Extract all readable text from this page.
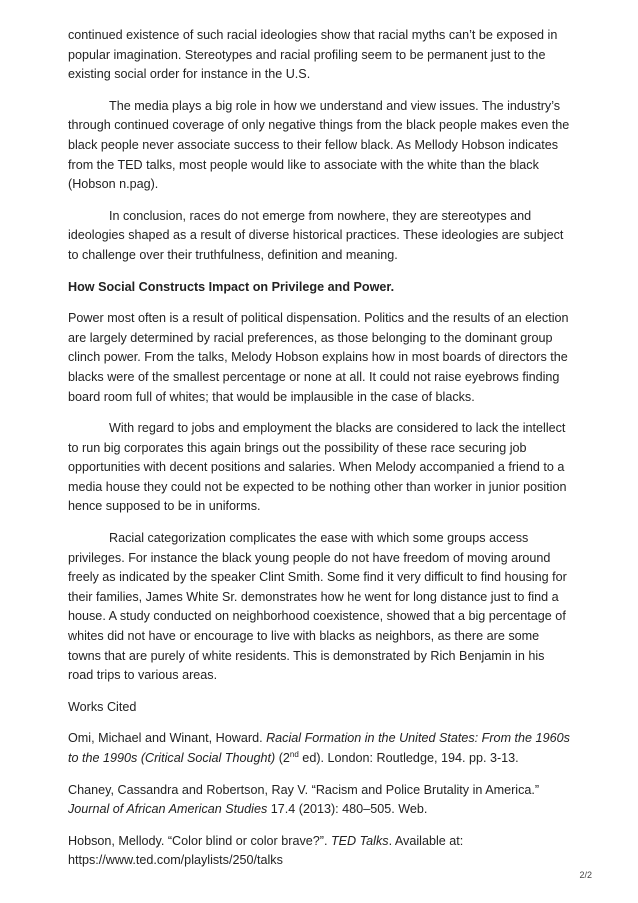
continued existence of such racial ideologies show that racial myths can’t be exposed in popular imagination. Stereotypes and racial profiling seem to be permanent just to the existing social order for instance in the U.S.

The media plays a big role in how we understand and view issues. The industry’s through continued coverage of only negative things from the black people makes even the black people never associate success to their fellow black. As Mellody Hobson indicates from the TED talks, most people would like to associate with the white than the black (Hobson n.pag).

In conclusion, races do not emerge from nowhere, they are stereotypes and ideologies shaped as a result of diverse historical practices. These ideologies are subject to challenge over their truthfulness, definition and meaning.

How Social Constructs Impact on Privilege and Power.

Power most often is a result of political dispensation. Politics and the results of an election are largely determined by racial preferences, as those belonging to the dominant group clinch power. From the talks, Melody Hobson explains how in most boards of directors the blacks were of the smallest percentage or none at all. It could not raise eyebrows finding board room full of whites; that would be implausible in the case of blacks.

With regard to jobs and employment the blacks are considered to lack the intellect to run big corporates this again brings out the possibility of these race securing job opportunities with decent positions and salaries. When Melody accompanied a friend to a media house they could not be expected to be nothing other than worker in junior position hence supposed to be in uniforms.

Racial categorization complicates the ease with which some groups access privileges. For instance the black young people do not have freedom of moving around freely as indicated by the speaker Clint Smith. Some find it very difficult to find housing for their families, James White Sr. demonstrates how he went for long distance just to find a house. A study conducted on neighborhood coexistence, showed that a big percentage of whites did not have or encourage to live with blacks as neighbors, as there are some towns that are purely of white residents. This is demonstrated by Rich Benjamin in his road trips to various areas.

Works Cited

Omi, Michael and Winant, Howard. Racial Formation in the United States: From the 1960s to the 1990s (Critical Social Thought) (2nd ed). London: Routledge, 194. pp. 3-13.

Chaney, Cassandra and Robertson, Ray V. “Racism and Police Brutality in America.” Journal of African American Studies 17.4 (2013): 480–505. Web.

Hobson, Mellody. “Color blind or color brave?”. TED Talks. Available at: https://www.ted.com/playlists/250/talks

2/2
